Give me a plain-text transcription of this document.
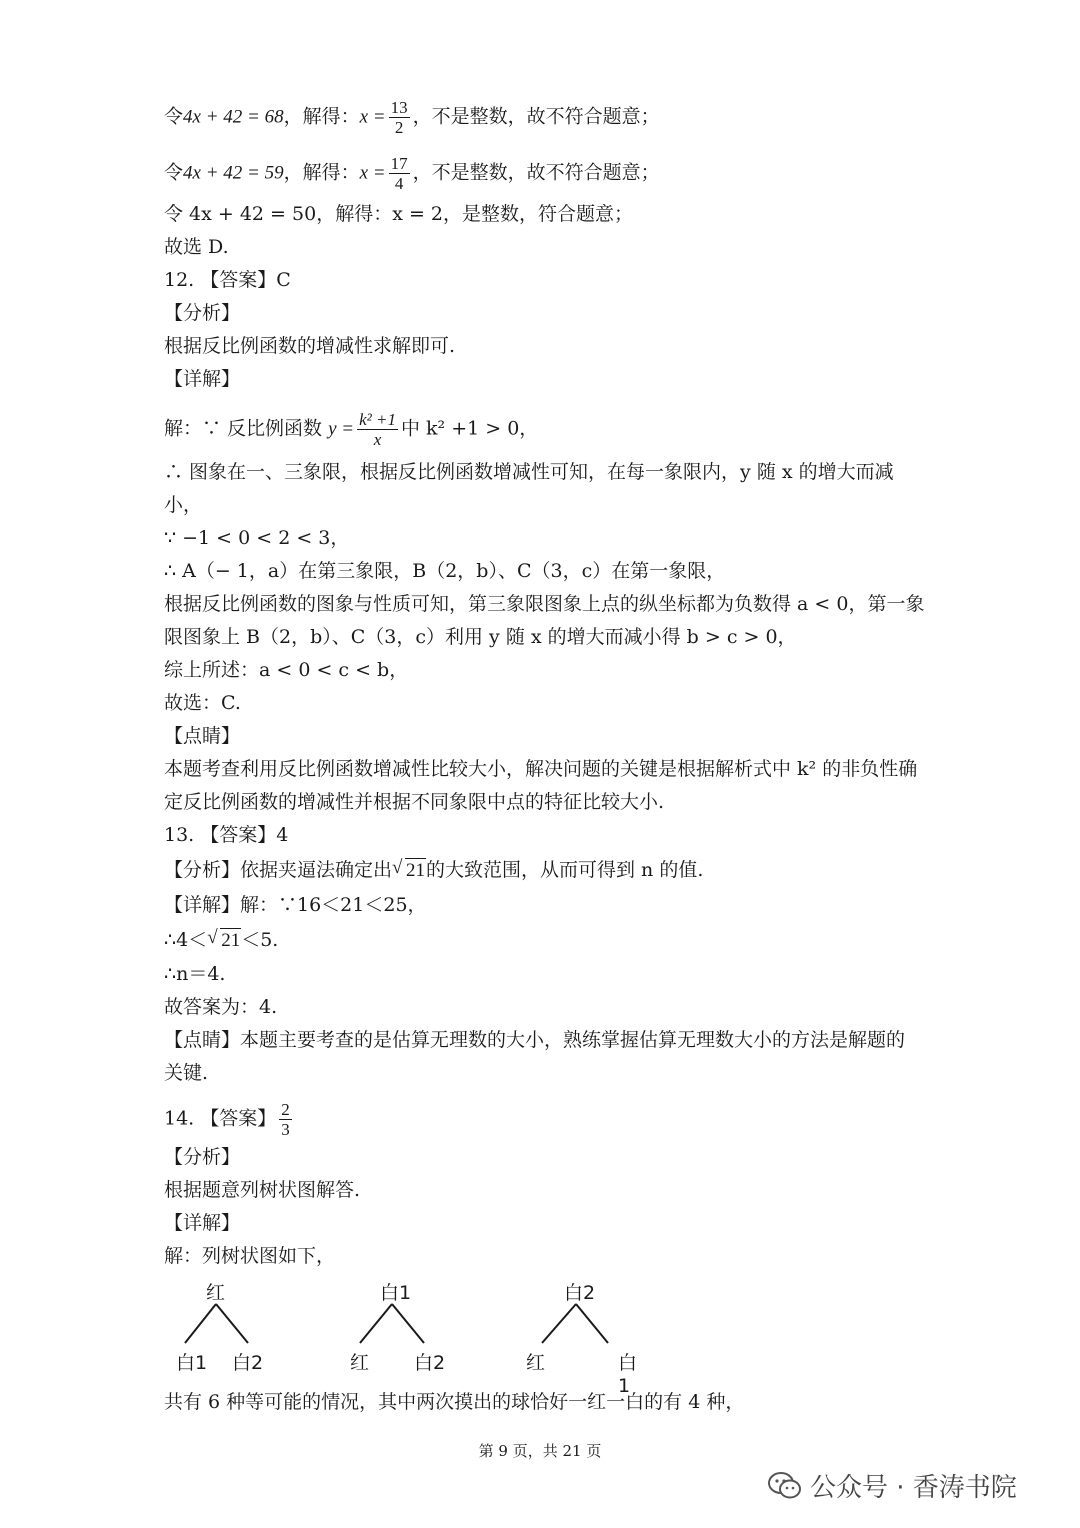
令4x + 42 = 68，解得：$x = \frac{13}{2}$ ，不是整数，故不符合题意；
令4x + 42 = 59，解得：$x = \frac{17}{4}$ ，不是整数，故不符合题意；
令 4x + 42 = 50，解得：x = 2，是整数，符合题意；
故选 D.
12. 【答案】C
【分析】
根据反比例函数的增减性求解即可.
【详解】
解：∵ 反比例函数 $y = \frac{\text{k² +1}}{x}$ 中 k² +1 > 0，
∴ 图象在一、三象限，根据反比例函数增减性可知，在每一象限内，y 随 x 的增大而减
小，
∵ −1 < 0 < 2 < 3，
∴ A（− 1，a）在第三象限，B（2，b）、C（3，c）在第一象限，
根据反比例函数的图象与性质可知，第三象限图象上点的纵坐标都为负数得 a < 0，第一象
限图象上 B（2，b）、C（3，c）利用 y 随 x 的增大而减小得 b > c > 0，
综上所述：a < 0 < c < b，
故选：C.
【点睛】
本题考查利用反比例函数增减性比较大小，解决问题的关键是根据解析式中 k² 的非负性确
定反比例函数的增减性并根据不同象限中点的特征比较大小.
13. 【答案】4
【分析】依据夹逼法确定出 √ 21的大致范围，从而可得到 n 的值.
【详解】解：∵16＜21＜25，
∴4＜ √ 21＜5.
∴n＝4.
故答案为：4.
【点睛】本题主要考查的是估算无理数的大小，熟练掌握估算无理数大小的方法是解题的
关键.
14. 【答案】 $\frac{2}{3}$
【分析】
根据题意列树状图解答.
【详解】
解：列树状图如下，
红
白1 白2
白1
红 白2
白2
红	白1
共有 6 种等可能的情况，其中两次摸出的球恰好一红一白的有 4 种，
第 9 页，共 21 页
公众号 · 香涛书院
